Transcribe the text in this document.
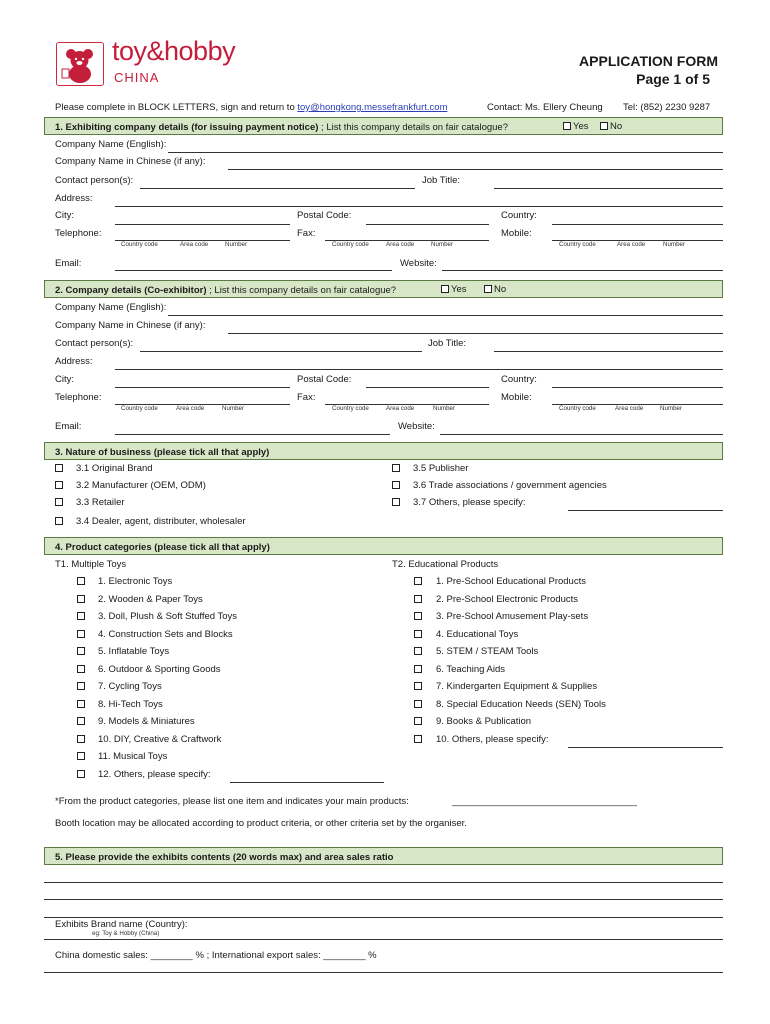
toy&hobby
CHINA
APPLICATION FORM
Page 1 of 5
Please complete in BLOCK LETTERS, sign and return to toy@hongkong.messefrankfurt.com	Contact: Ms. Ellery Cheung Tel: (852) 2230 9287
1. Exhibiting company details (for issuing payment notice) ; List this company details on fair catalogue?	Yes	No
Company Name (English):
Company Name in Chinese (if any):
Contact person(s):	Job Title:
Address:
City:	Postal Code:	Country:
Telephone:	Fax:	Mobile:
Country code	Area code	Number	Country code	Area code	Number	Country code	Area code	Number
Email:	Website:
2. Company details (Co-exhibitor) ; List this company details on fair catalogue?	Yes	No
Company Name (English):
Company Name in Chinese (if any):
Contact person(s):	Job Title:
Address:
City:	Postal Code:	Country:
Telephone:	Fax:	Mobile:
Country code	Area code	Number	Country code	Area code	Number	Country code	Area code	Number
Email:	Website:
3. Nature of business (please tick all that apply)
3.1 Original Brand
3.2 Manufacturer (OEM, ODM)
3.3 Retailer
3.4 Dealer, agent, distributer, wholesaler
3.5 Publisher
3.6 Trade associations / government agencies
3.7 Others, please specify:
4. Product categories (please tick all that apply)
T1. Multiple Toys	T2. Educational Products
1. Electronic Toys
2. Wooden & Paper Toys
3. Doll, Plush & Soft Stuffed Toys
4. Construction Sets and Blocks
5. Inflatable Toys
6. Outdoor & Sporting Goods
7. Cycling Toys
8. Hi-Tech Toys
9. Models & Miniatures
10. DIY, Creative & Craftwork
11. Musical Toys
12. Others, please specify:
1. Pre-School Educational Products
2. Pre-School Electronic Products
3. Pre-School Amusement Play-sets
4. Educational Toys
5. STEM / STEAM Tools
6. Teaching Aids
7. Kindergarten Equipment & Supplies
8. Special Education Needs (SEN) Tools
9. Books & Publication
10. Others, please specify:
*From the product categories, please list one item and indicates your main products:	___________________________________
Booth location may be allocated according to product criteria, or other criteria set by the organiser.
5. Please provide the exhibits contents (20 words max) and area sales ratio
Exhibits Brand name (Country):
eg: Toy & Hobby (China)
China domestic sales: ________ % ; International export sales: ________ %
